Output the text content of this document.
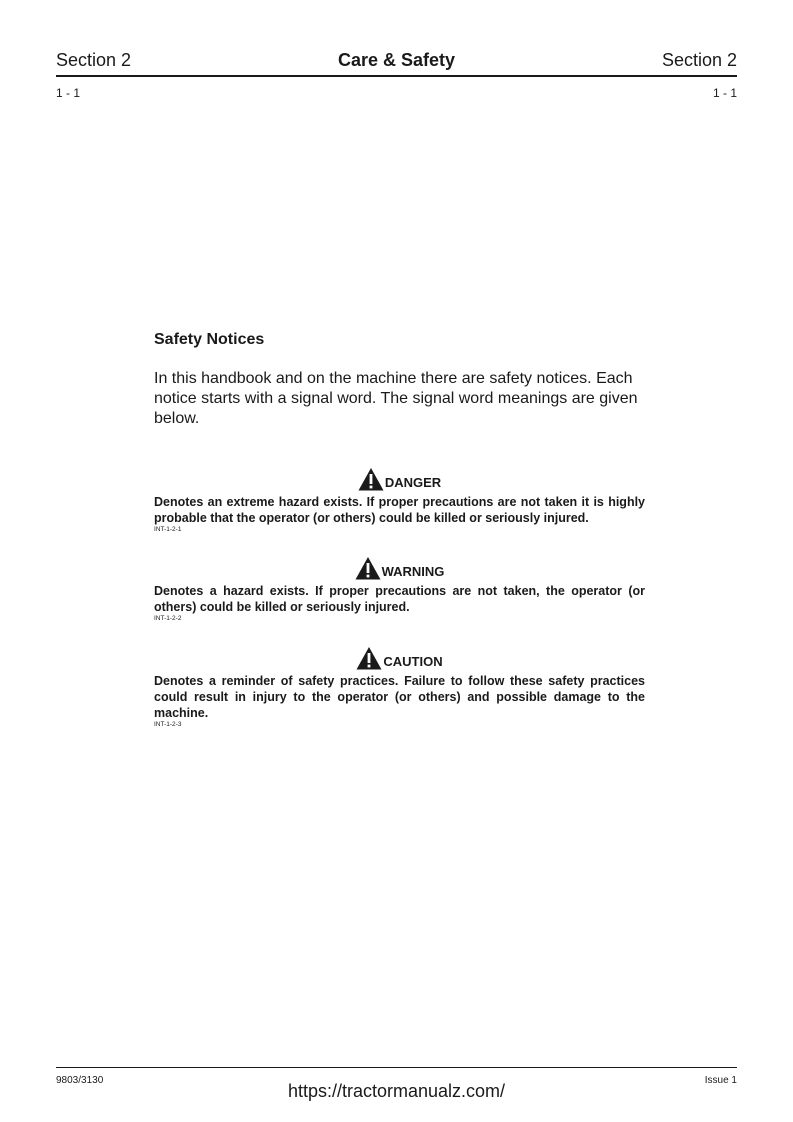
Section 2	Care & Safety	Section 2
1 - 1	1 - 1
Safety Notices
In this handbook and on the machine there are safety notices. Each notice starts with a signal word. The signal word meanings are given below.
DANGER
Denotes an extreme hazard exists. If proper precautions are not taken it is highly probable that the operator (or others) could be killed or seriously injured.
INT-1-2-1
WARNING
Denotes a hazard exists. If proper precautions are not taken, the operator (or others) could be killed or seriously injured.
INT-1-2-2
CAUTION
Denotes a reminder of safety practices. Failure to follow these safety practices could result in injury to the operator (or others) and possible damage to the machine.
INT-1-2-3
9803/3130	Issue 1
https://tractormanualz.com/
